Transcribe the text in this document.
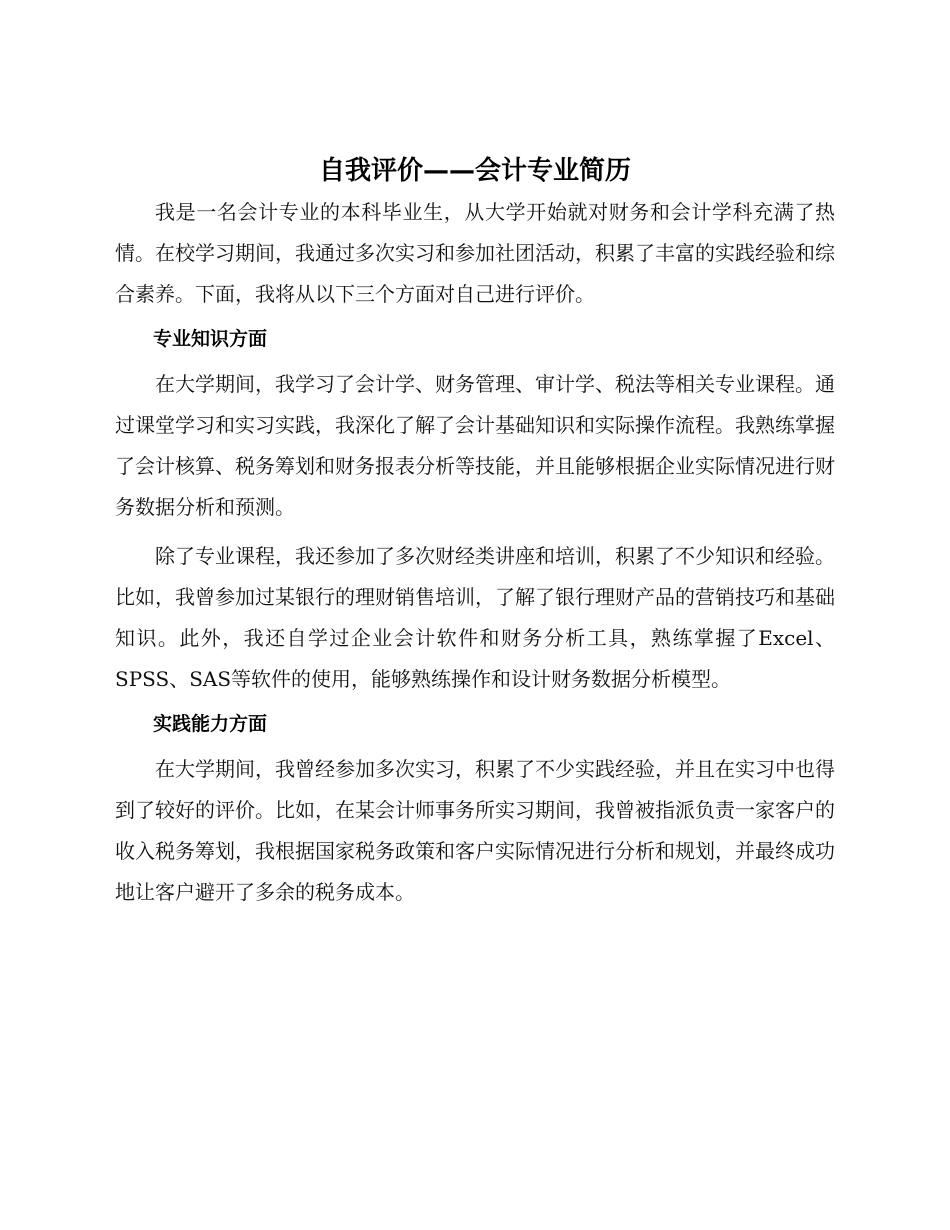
自我评价——会计专业简历

我是一名会计专业的本科毕业生，从大学开始就对财务和会计学科充满了热情。在校学习期间，我通过多次实习和参加社团活动，积累了丰富的实践经验和综合素养。下面，我将从以下三个方面对自己进行评价。

专业知识方面

在大学期间，我学习了会计学、财务管理、审计学、税法等相关专业课程。通过课堂学习和实习实践，我深化了解了会计基础知识和实际操作流程。我熟练掌握了会计核算、税务筹划和财务报表分析等技能，并且能够根据企业实际情况进行财务数据分析和预测。

除了专业课程，我还参加了多次财经类讲座和培训，积累了不少知识和经验。比如，我曾参加过某银行的理财销售培训，了解了银行理财产品的营销技巧和基础知识。此外，我还自学过企业会计软件和财务分析工具，熟练掌握了Excel、SPSS、SAS等软件的使用，能够熟练操作和设计财务数据分析模型。

实践能力方面

在大学期间，我曾经参加多次实习，积累了不少实践经验，并且在实习中也得到了较好的评价。比如，在某会计师事务所实习期间，我曾被指派负责一家客户的收入税务筹划，我根据国家税务政策和客户实际情况进行分析和规划，并最终成功地让客户避开了多余的税务成本。
